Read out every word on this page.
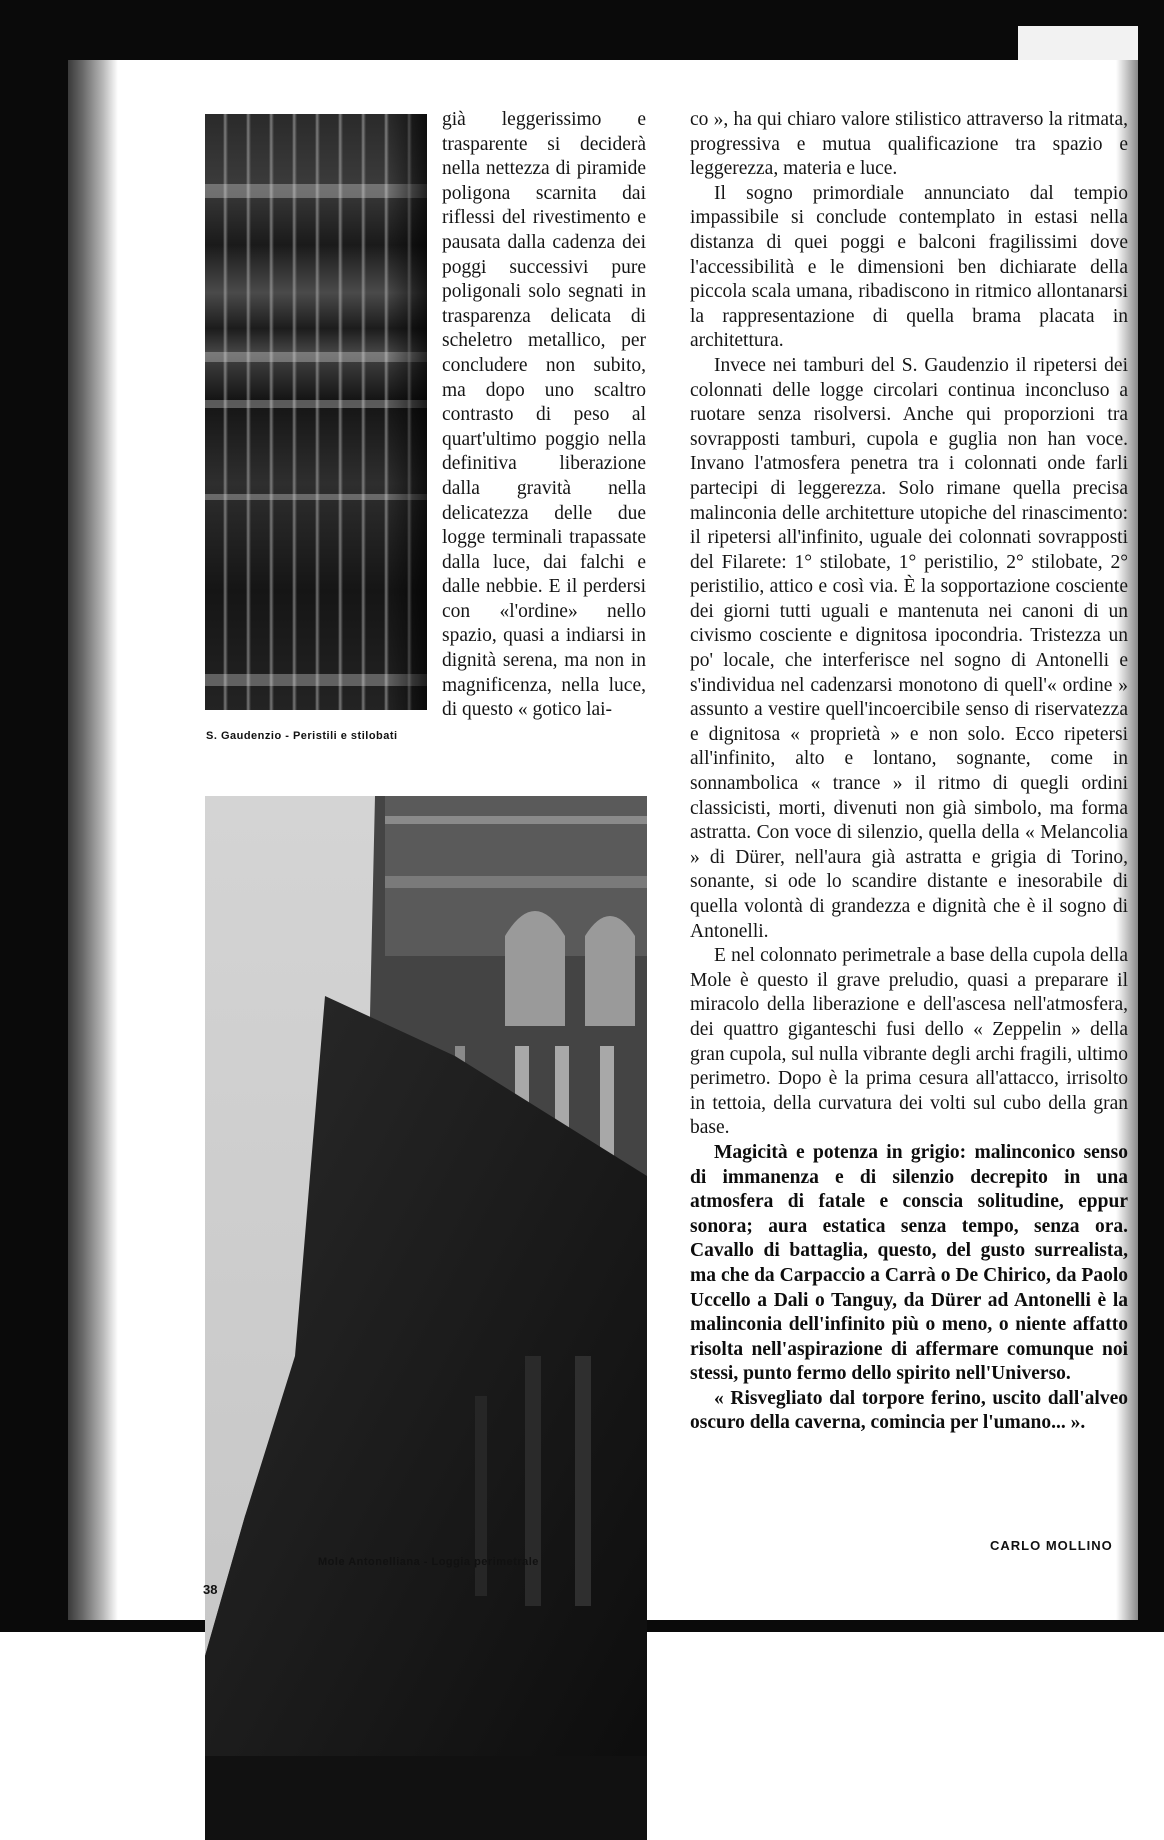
S. Gaudenzio - Peristili e stilobati
Mole Antonelliana - Loggia perimetrale

già leggerissimo e trasparente si deciderà nella nettezza di piramide poligona scarnita dai riflessi del rivestimento e pausata dalla cadenza dei poggi successivi pure poligonali solo segnati in trasparenza delicata di scheletro metallico, per concludere non subito, ma dopo uno scaltro contrasto di peso al quart'ultimo poggio nella definitiva liberazione dalla gravità nella delicatezza delle due logge terminali trapassate dalla luce, dai falchi e dalle nebbie. E il perdersi con «l'ordine» nello spazio, quasi a indiarsi in dignità serena, ma non in magnificenza, nella luce, di questo « gotico lai-

co », ha qui chiaro valore stilistico attraverso la ritmata, progressiva e mutua qualificazione tra spazio e leggerezza, materia e luce.

Il sogno primordiale annunciato dal tempio impassibile si conclude contemplato in estasi nella distanza di quei poggi e balconi fragilissimi dove l'accessibilità e le dimensioni ben dichiarate della piccola scala umana, ribadiscono in ritmico allontanarsi la rappresentazione di quella brama placata in architettura.

Invece nei tamburi del S. Gaudenzio il ripetersi dei colonnati delle logge circolari continua inconcluso a ruotare senza risolversi. Anche qui proporzioni tra sovrapposti tamburi, cupola e guglia non han voce. Invano l'atmosfera penetra tra i colonnati onde farli partecipi di leggerezza. Solo rimane quella precisa malinconia delle architetture utopiche del rinascimento: il ripetersi all'infinito, uguale dei colonnati sovrapposti del Filarete: 1° stilobate, 1° peristilio, 2° stilobate, 2° peristilio, attico e così via. È la sopportazione cosciente dei giorni tutti uguali e mantenuta nei canoni di un civismo cosciente e dignitosa ipocondria. Tristezza un po' locale, che interferisce nel sogno di Antonelli e s'individua nel cadenzarsi monotono di quell'« ordine » assunto a vestire quell'incoercibile senso di riservatezza e dignitosa « proprietà » e non solo. Ecco ripetersi all'infinito, alto e lontano, sognante, come in sonnambolica « trance » il ritmo di quegli ordini classicisti, morti, divenuti non già simbolo, ma forma astratta. Con voce di silenzio, quella della « Melancolia » di Dürer, nell'aura già astratta e grigia di Torino, sonante, si ode lo scandire distante e inesorabile di quella volontà di grandezza e dignità che è il sogno di Antonelli.

E nel colonnato perimetrale a base della cupola della Mole è questo il grave preludio, quasi a preparare il miracolo della liberazione e dell'ascesa nell'atmosfera, dei quattro giganteschi fusi dello « Zeppelin » della gran cupola, sul nulla vibrante degli archi fragili, ultimo perimetro. Dopo è la prima cesura all'attacco, irrisolto in tettoia, della curvatura dei volti sul cubo della gran base.

Magicità e potenza in grigio: malinconico senso di immanenza e di silenzio decrepito in una atmosfera di fatale e conscia solitudine, eppur sonora; aura estatica senza tempo, senza ora. Cavallo di battaglia, questo, del gusto surrealista, ma che da Carpaccio a Carrà o De Chirico, da Paolo Uccello a Dali o Tanguy, da Dürer ad Antonelli è la malinconia dell'infinito più o meno, o niente affatto risolta nell'aspirazione di affermare comunque noi stessi, punto fermo dello spirito nell'Universo.

« Risvegliato dal torpore ferino, uscito dall'alveo oscuro della caverna, comincia per l'umano... ».

CARLO MOLLINO
38
